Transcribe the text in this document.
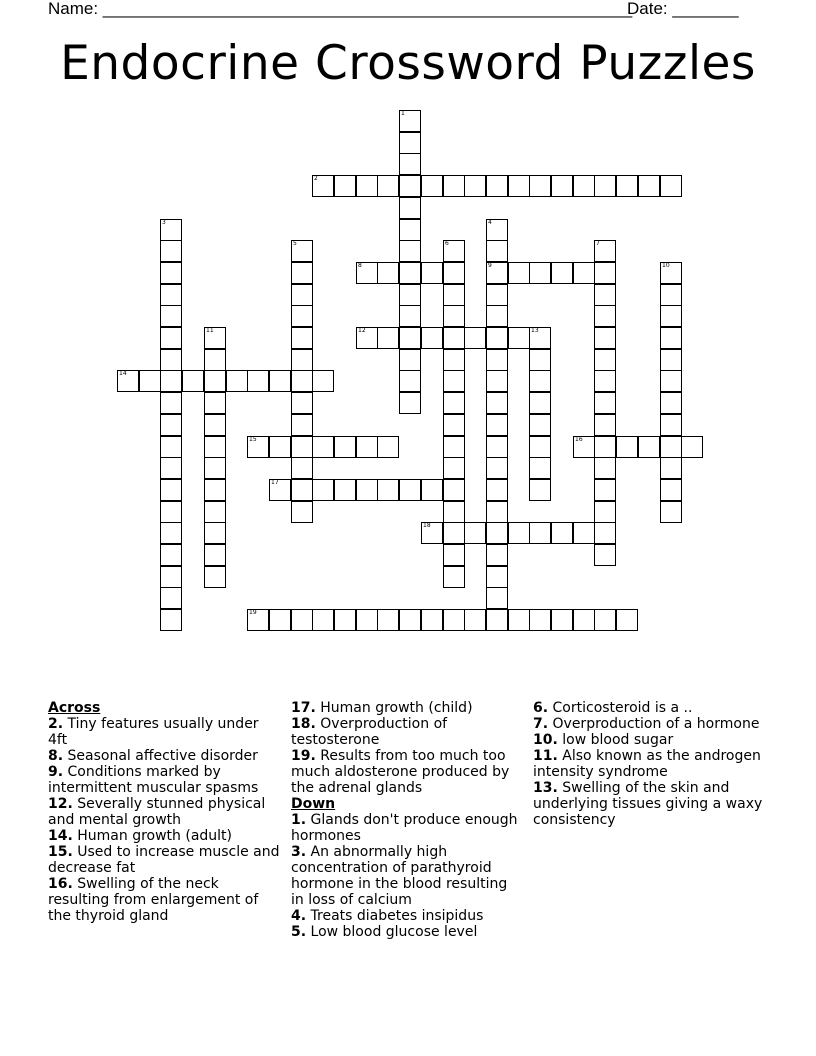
Name: ________________________________________________________
Date: _______
Endocrine Crossword Puzzles
1
2
3	4
9
5	6	7
8	10
11	12	13
14
15	16
17
18
19
Across

2. Tiny features usually under 4ft

8. Seasonal affective disorder

9. Conditions marked by intermittent muscular spasms

12. Severally stunned physical and mental growth

14. Human growth (adult)

15. Used to increase muscle and decrease fat

16. Swelling of the neck resulting from enlargement of the thyroid gland

17. Human growth (child)

18. Overproduction of testosterone

19. Results from too much too much aldosterone produced by the adrenal glands

Down

1. Glands don't produce enough hormones

3. An abnormally high concentration of parathyroid hormone in the blood resulting in loss of calcium

4. Treats diabetes insipidus

5. Low blood glucose level

6. Corticosteroid is a ..

7. Overproduction of a hormone

10. low blood sugar

11. Also known as the androgen intensity syndrome

13. Swelling of the skin and underlying tissues giving a waxy consistency
